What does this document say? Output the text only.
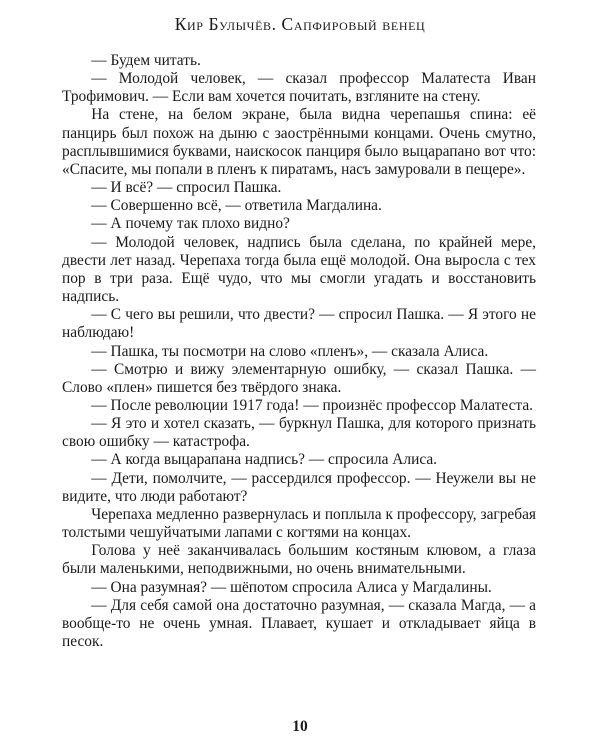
Кир Булычёв. Сапфировый венец

— Будем читать.

— Молодой человек, — сказал профессор Малатеста Иван Трофимович. — Если вам хочется почитать, взгляните на стену.

На стене, на белом экране, была видна черепашья спина: её панцирь был похож на дыню с заострёнными концами. Очень смутно, расплывшимися буквами, наискосок панциря было выцарапано вот что: «Спасите, мы попали в пленъ к пиратамъ, насъ замуровали в пещере».

— И всё? — спросил Пашка.

— Совершенно всё, — ответила Магдалина.

— А почему так плохо видно?

— Молодой человек, надпись была сделана, по крайней мере, двести лет назад. Черепаха тогда была ещё молодой. Она выросла с тех пор в три раза. Ещё чудо, что мы смогли угадать и восстановить надпись.

— С чего вы решили, что двести? — спросил Пашка. — Я этого не наблюдаю!

— Пашка, ты посмотри на слово «пленъ», — сказала Алиса.

— Смотрю и вижу элементарную ошибку, — сказал Пашка. — Слово «плен» пишется без твёрдого знака.

— После революции 1917 года! — произнёс профессор Малатеста.

— Я это и хотел сказать, — буркнул Пашка, для которого признать свою ошибку — катастрофа.

— А когда выцарапана надпись? — спросила Алиса.

— Дети, помолчите, — рассердился профессор. — Неужели вы не видите, что люди работают?

Черепаха медленно развернулась и поплыла к профессору, загребая толстыми чешуйчатыми лапами с когтями на концах.

Голова у неё заканчивалась большим костяным клювом, а глаза были маленькими, неподвижными, но очень внимательными.

— Она разумная? — шёпотом спросила Алиса у Магдалины.

— Для себя самой она достаточно разумная, — сказала Магда, — а вообще-то не очень умная. Плавает, кушает и откладывает яйца в песок.

10
